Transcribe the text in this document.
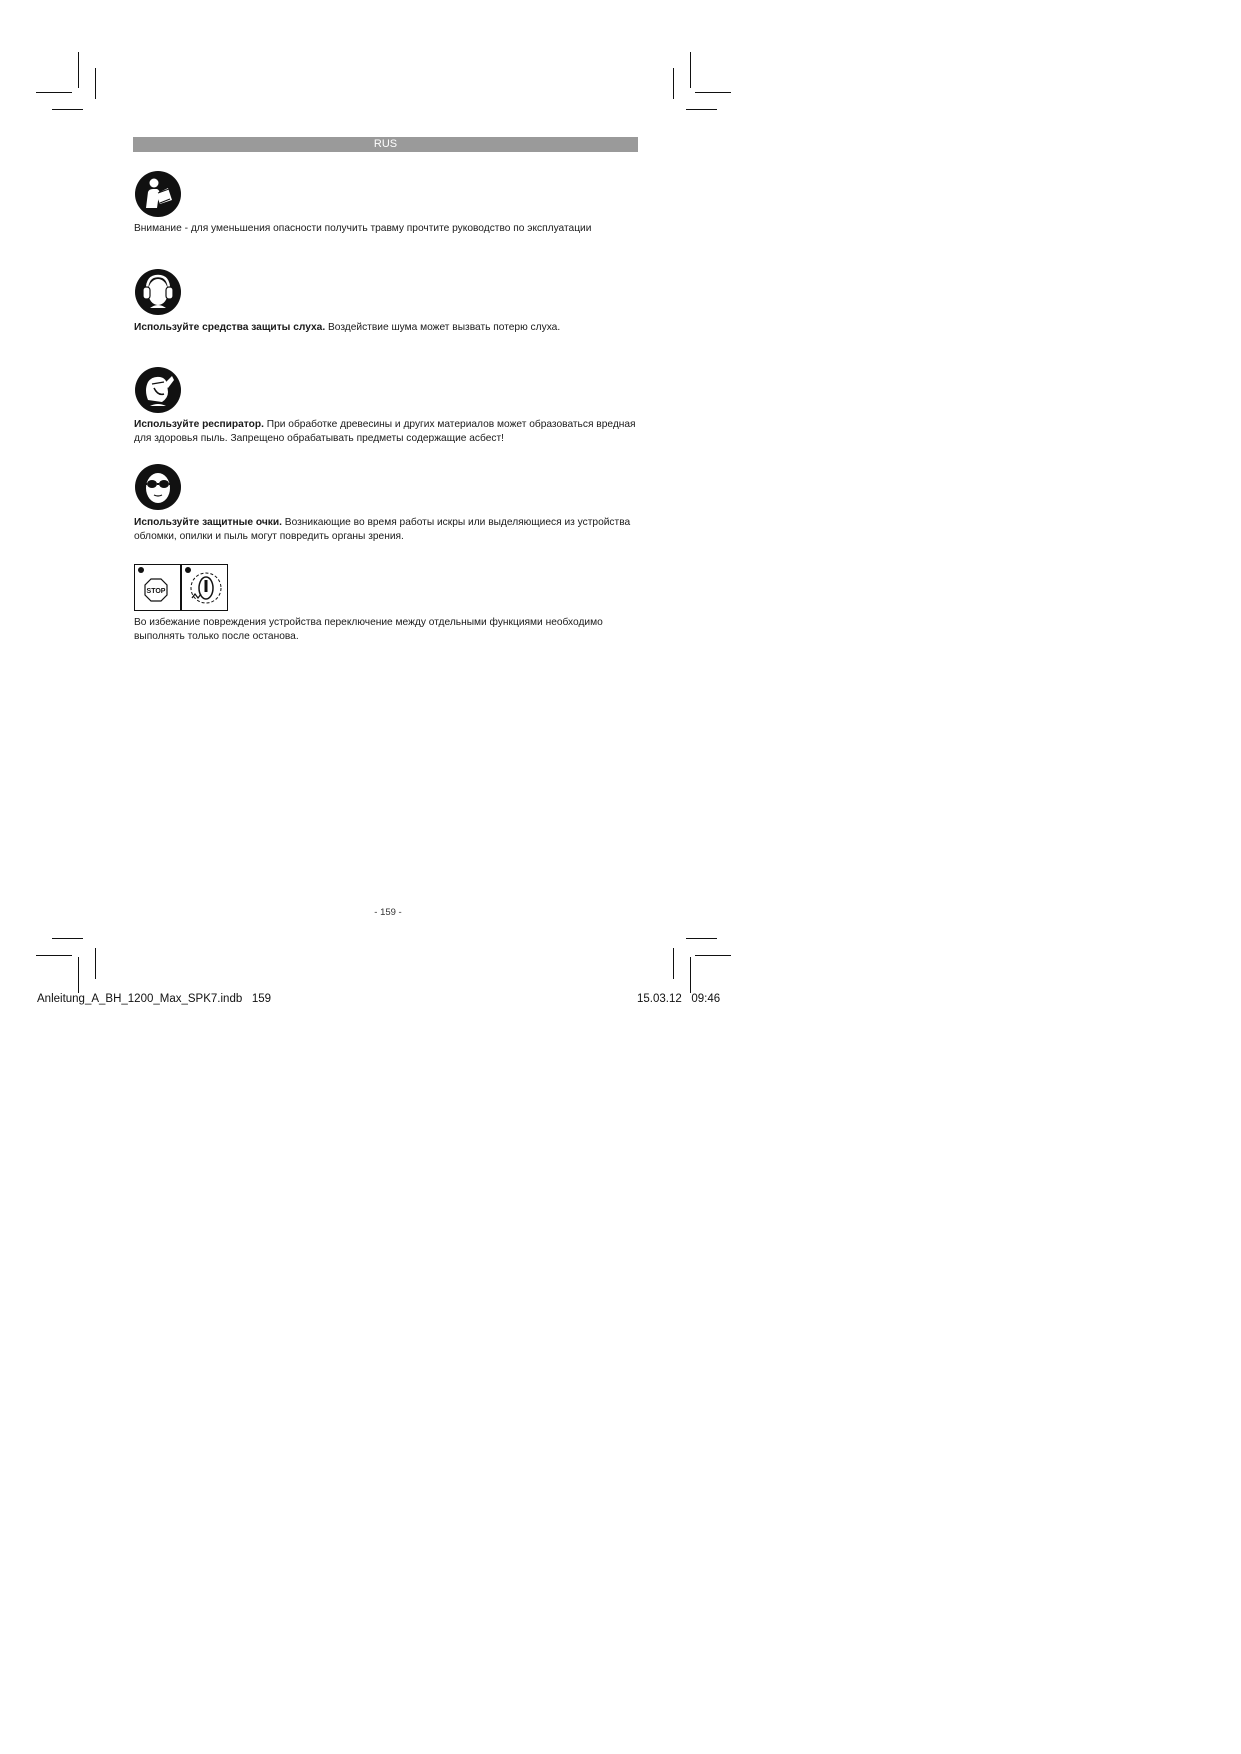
RUS
Внимание - для уменьшения опасности получить травму прочтите руководство по эксплуатации
Используйте средства защиты слуха. Воздействие шума может вызвать потерю слуха.
Используйте респиратор. При обработке древесины и других материалов может образоваться вредная для здоровья пыль. Запрещено обрабатывать предметы содержащие асбест!
Используйте защитные очки. Возникающие во время работы искры или выделяющиеся из устройства обломки, опилки и пыль могут повредить органы зрения.
STOP
Во избежание повреждения устройства переключение между отдельными функциями необходимо выполнять только после останова.
- 159 -
Anleitung_A_BH_1200_Max_SPK7.indb   159	15.03.12   09:46
